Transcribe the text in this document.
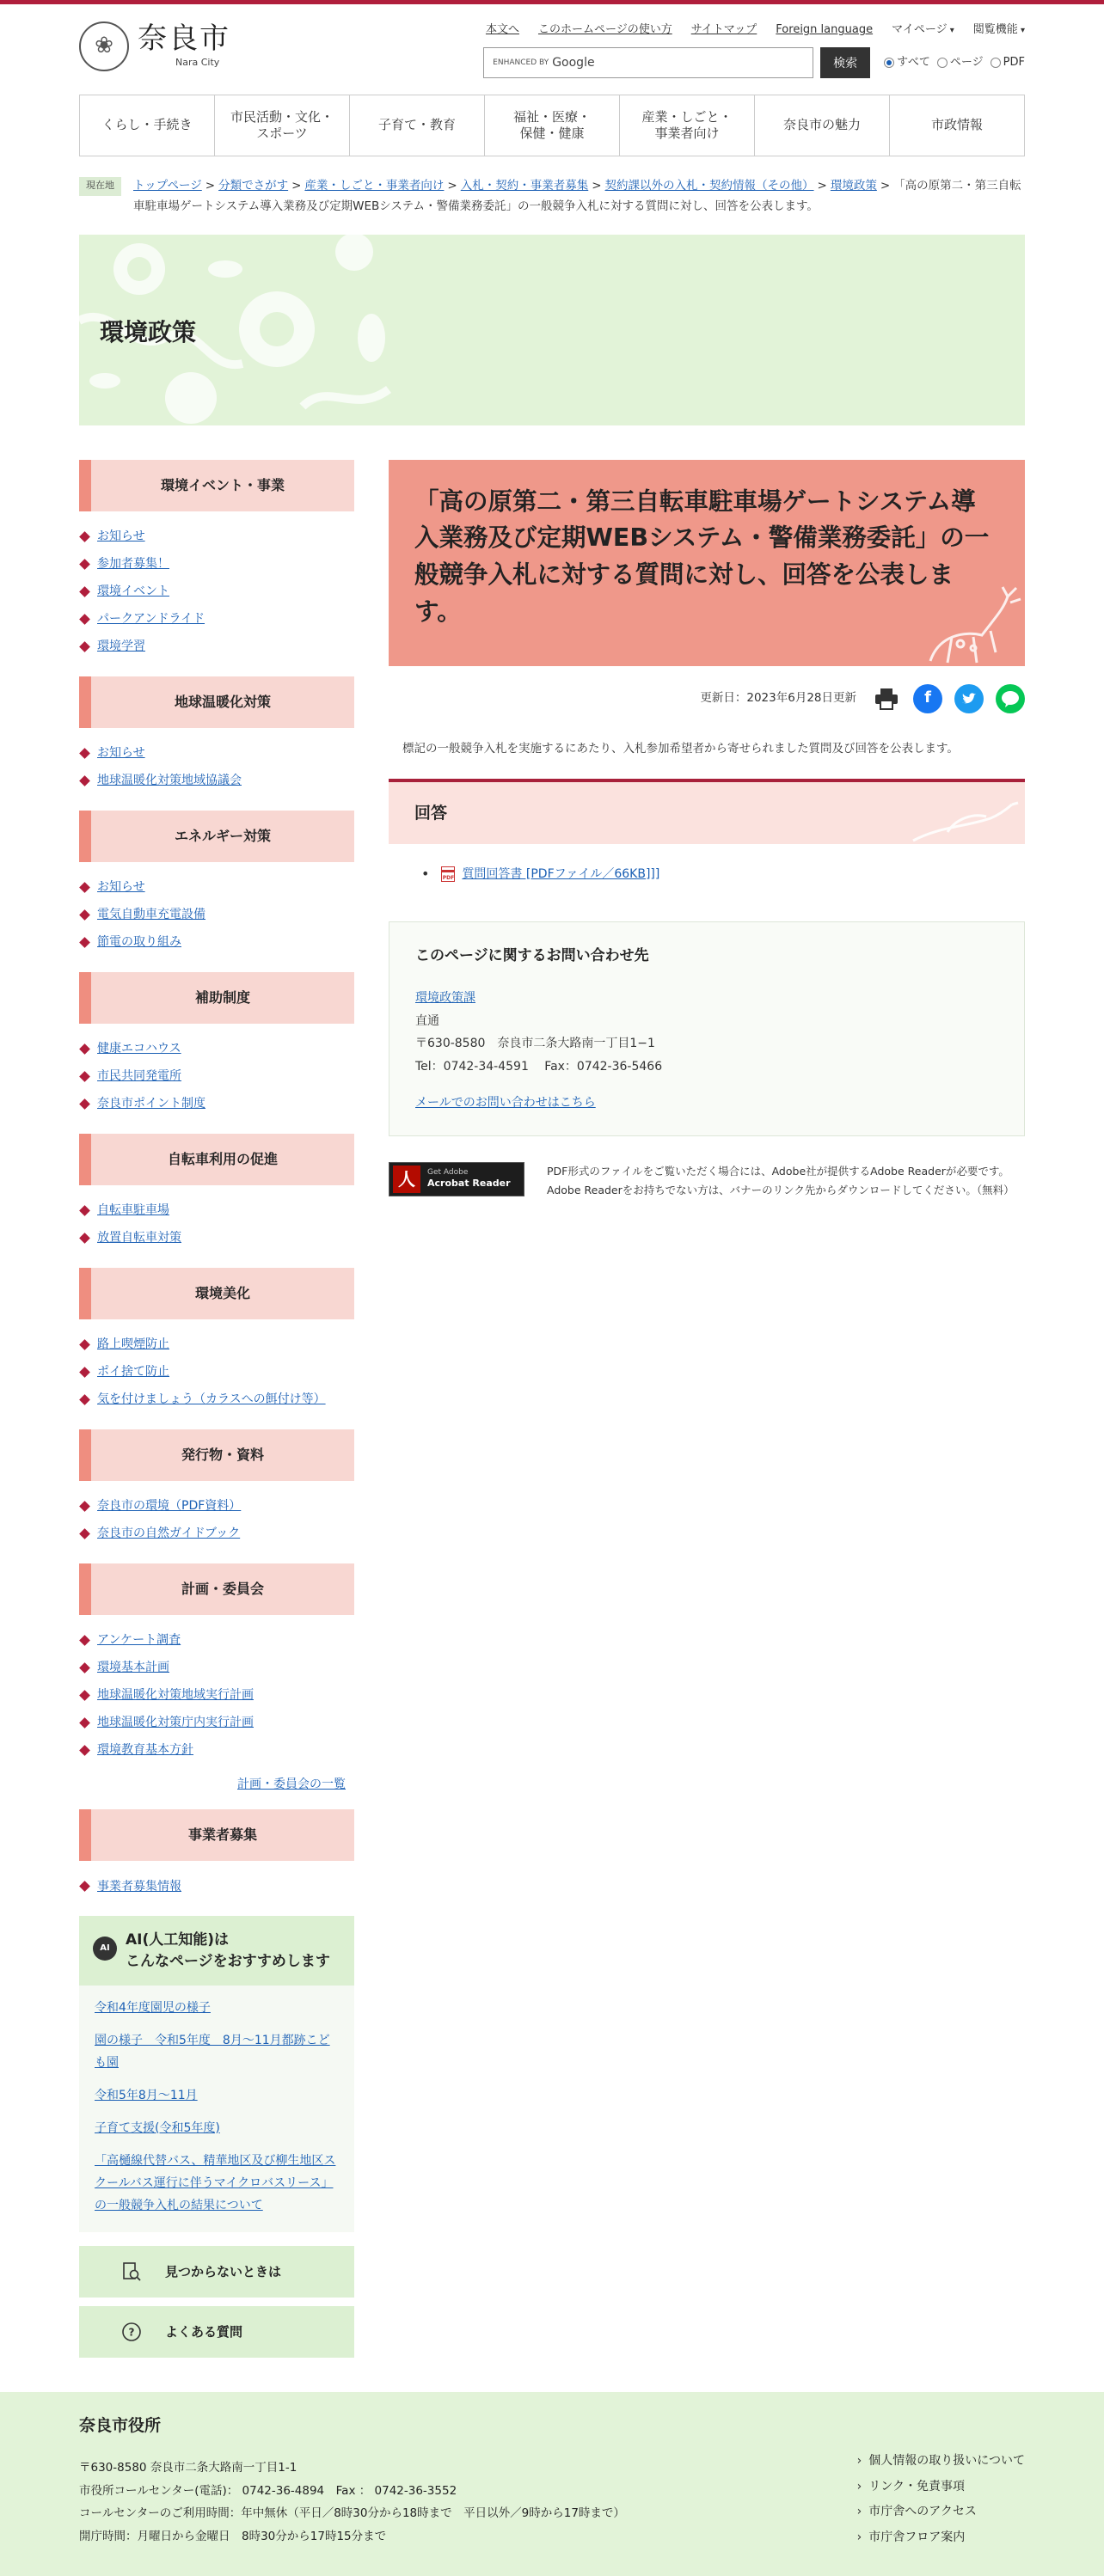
❀ 奈良市
Nara City
本文へ このホームページの使い方 サイトマップ Foreign language マイページ ▾	閲覧機能 ▾
ENHANCED BY Google	検索	すべて ページ PDF
くらし・手続き
市民活動・文化・
スポーツ
子育て・教育
福祉・医療・
保健・健康
産業・しごと・
事業者向け
奈良市の魅力	市政情報
現在地	トップページ > 分類でさがす > 産業・しごと・事業者向け > 入札・契約・事業者募集 > 契約課以外の入札・契約情報（その他） > 環境政策 > 「高の原第二・第三自転車駐車場ゲートシステム導入業務及び定期WEBシステム・警備業務委託」の一般競争入札に対する質問に対し、回答を公表します。
環境政策
環境イベント・事業
お知らせ
参加者募集！
環境イベント
パークアンドライド
環境学習
地球温暖化対策
お知らせ
地球温暖化対策地域協議会
エネルギー対策
お知らせ
電気自動車充電設備
節電の取り組み
補助制度
健康エコハウス
市民共同発電所
奈良市ポイント制度
自転車利用の促進
自転車駐車場
放置自転車対策
環境美化
路上喫煙防止
ポイ捨て防止
気を付けましょう（カラスへの餌付け等）
発行物・資料
奈良市の環境（PDF資料）
奈良市の自然ガイドブック
計画・委員会
アンケート調査
環境基本計画
地球温暖化対策地域実行計画
地球温暖化対策庁内実行計画
環境教育基本方針
計画・委員会の一覧
事業者募集
事業者募集情報
AI	AI(人工知能)は
こんなページをおすすめします
令和4年度園児の様子
園の様子　令和5年度　8月～11月都跡こども園
令和5年8月～11月
子育て支援(令和5年度)
「高樋線代替バス、精華地区及び柳生地区スクールバス運行に伴うマイクロバスリース」の一般競争入札の結果について
見つからないときは
? よくある質問
「高の原第二・第三自転車駐車場ゲートシステム導入業務及び定期WEBシステム・警備業務委託」の一般競争入札に対する質問に対し、回答を公表します。
更新日：2023年6月28日更新	f

標記の一般競争入札を実施するにあたり、入札参加希望者から寄せられました質問及び回答を公表します。

回答
• PDF 質問回答書 [PDFファイル／66KB]]]
このページに関するお問い合わせ先

環境政策課

直通

〒630-8580　奈良市二条大路南一丁目1−1

Tel：0742-34-4591　 Fax：0742-36-5466

メールでのお問い合わせはこちら
人	Get Adobe
Acrobat Reader

PDF形式のファイルをご覧いただく場合には、Adobe社が提供するAdobe Readerが必要です。Adobe Readerをお持ちでない方は、バナーのリンク先からダウンロードしてください。（無料）

奈良市役所

〒630-8580 奈良市二条大路南一丁目1-1

市役所コールセンター(電話)： 0742-36-4894　Fax ： 0742-36-3552

コールセンターのご利用時間：年中無休（平日／8時30分から18時まで　平日以外／9時から17時まで）

開庁時間：月曜日から金曜日　8時30分から17時15分まで

› 個人情報の取り扱いについて
› リンク・免責事項
› 市庁舎へのアクセス
› 市庁舎フロア案内
